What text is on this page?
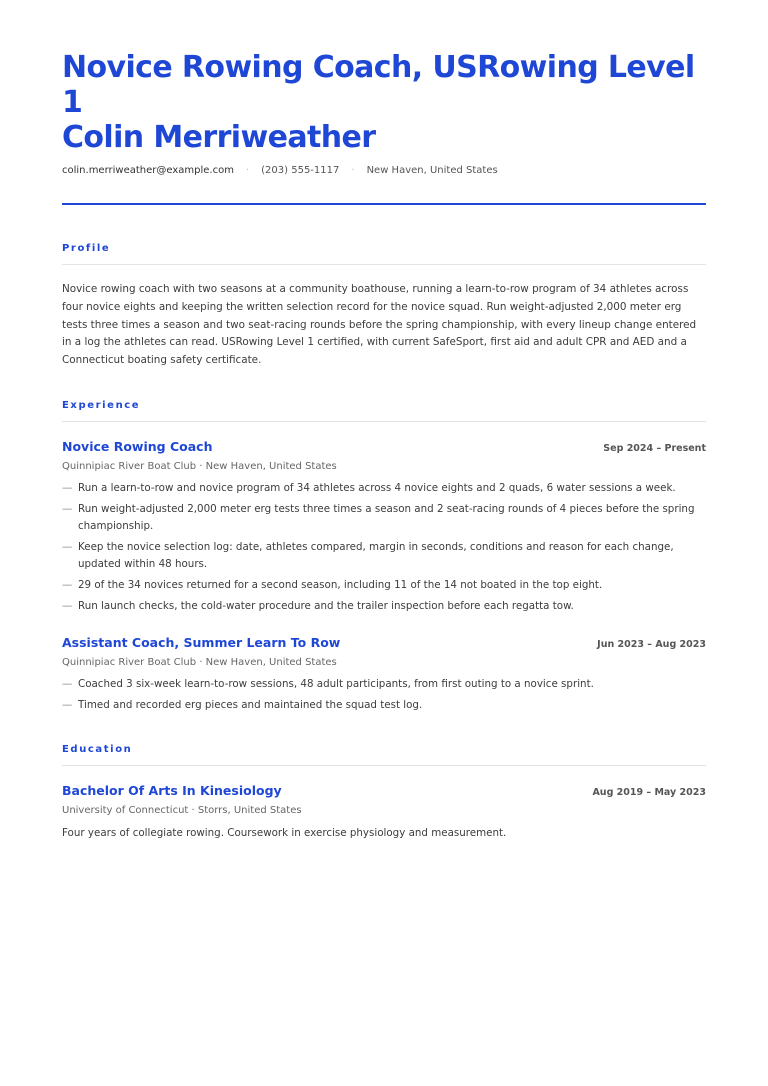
Novice Rowing Coach, USRowing Level 1
Colin Merriweather
colin.merriweather@example.com · (203) 555-1117 · New Haven, United States
Profile

Novice rowing coach with two seasons at a community boathouse, running a learn-to-row program of 34 athletes across four novice eights and keeping the written selection record for the novice squad. Run weight-adjusted 2,000 meter erg tests three times a season and two seat-racing rounds before the spring championship, with every lineup change entered in a log the athletes can read. USRowing Level 1 certified, with current SafeSport, first aid and adult CPR and AED and a Connecticut boating safety certificate.

Experience
Novice Rowing Coach	Sep 2024 – Present
Quinnipiac River Boat Club · New Haven, United States
— Run a learn-to-row and novice program of 34 athletes across 4 novice eights and 2 quads, 6 water sessions a week.
— Run weight-adjusted 2,000 meter erg tests three times a season and 2 seat-racing rounds of 4 pieces before the spring championship.
— Keep the novice selection log: date, athletes compared, margin in seconds, conditions and reason for each change, updated within 48 hours.
— 29 of the 34 novices returned for a second season, including 11 of the 14 not boated in the top eight.
— Run launch checks, the cold-water procedure and the trailer inspection before each regatta tow.
Assistant Coach, Summer Learn To Row	Jun 2023 – Aug 2023
Quinnipiac River Boat Club · New Haven, United States
— Coached 3 six-week learn-to-row sessions, 48 adult participants, from first outing to a novice sprint.
— Timed and recorded erg pieces and maintained the squad test log.
Education
Bachelor Of Arts In Kinesiology	Aug 2019 – May 2023
University of Connecticut · Storrs, United States
Four years of collegiate rowing. Coursework in exercise physiology and measurement.
